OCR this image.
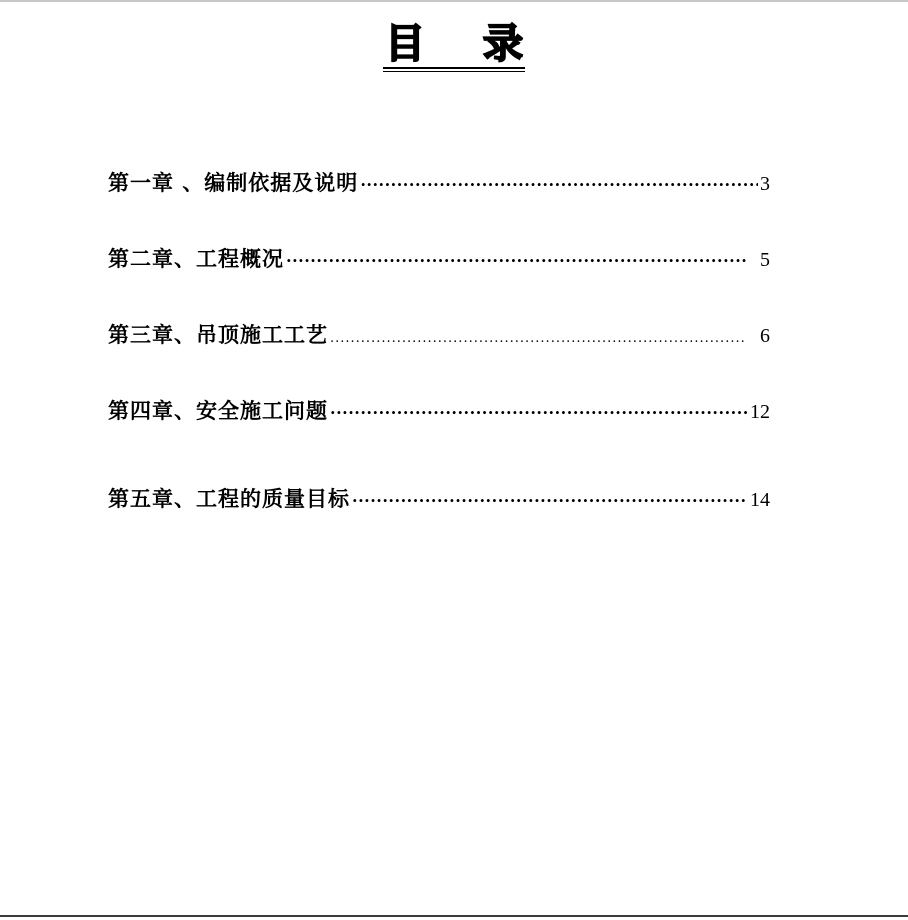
目 录
第一章 、编制依据及说明 ·····	3
第二章、工程概况 ·····	5
第三章、吊顶施工工艺 .....	6
第四章、安全施工问题 ·····	12
第五章、工程的质量目标 ·····	14
